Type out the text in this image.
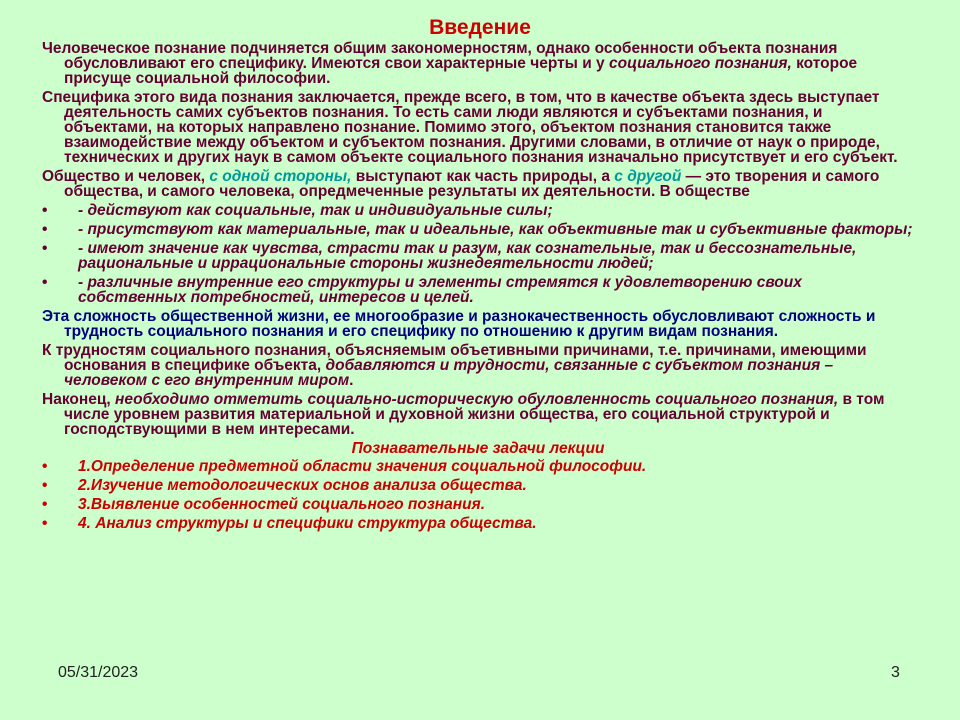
Введение

Человеческое познание подчиняется общим закономерностям, однако особенности объекта познания обусловливают его специфику. Имеются свои характерные черты и у социального познания, которое присуще социальной философии.

Специфика этого вида познания заключается, прежде всего, в том, что в качестве объекта здесь выступает деятельность самих субъектов познания. То есть сами люди являются и субъектами познания, и объектами, на которых направлено познание. Помимо этого, объектом познания становится также взаимодействие между объектом и субъектом познания. Другими словами, в отличие от наук о природе, технических и других наук в самом объекте социального познания изначально присутствует и его субъект.

Общество и человек, с одной стороны, выступают как часть природы, а с другой — это творения и самого общества, и самого человека, опредмеченные результаты их деятельности. В обществе

• - действуют как социальные, так и индивидуальные силы;
• - присутствуют как материальные, так и идеальные, как объективные так и субъективные факторы;
• - имеют значение как чувства, страсти так и разум, как сознательные, так и бессознательные, рациональные и иррациональные стороны жизнедеятельности людей;
• - различные внутренние его структуры и элементы стремятся к удовлетворению своих собственных потребностей, интересов и целей.

Эта сложность общественной жизни, ее многообразие и разнокачественность обусловливают сложность и трудность социального познания и его специфику по отношению к другим видам познания.

К трудностям социального познания, объясняемым объетивными причинами, т.е. причинами, имеющими основания в специфике объекта, добавляются и трудности, связанные с субъектом познания – человеком с его внутренним миром.

Наконец, необходимо отметить социально-историческую обуловленность социального познания, в том числе уровнем развития материальной и духовной жизни общества, его социальной структурой и господствующими в нем интересами.

Познавательные задачи лекции
• 1.Определение предметной области значения социальной философии.
• 2.Изучение методологических основ анализа общества.
• 3.Выявление особенностей социального познания.
• 4. Анализ структуры и специфики структура общества.
05/31/2023	3
